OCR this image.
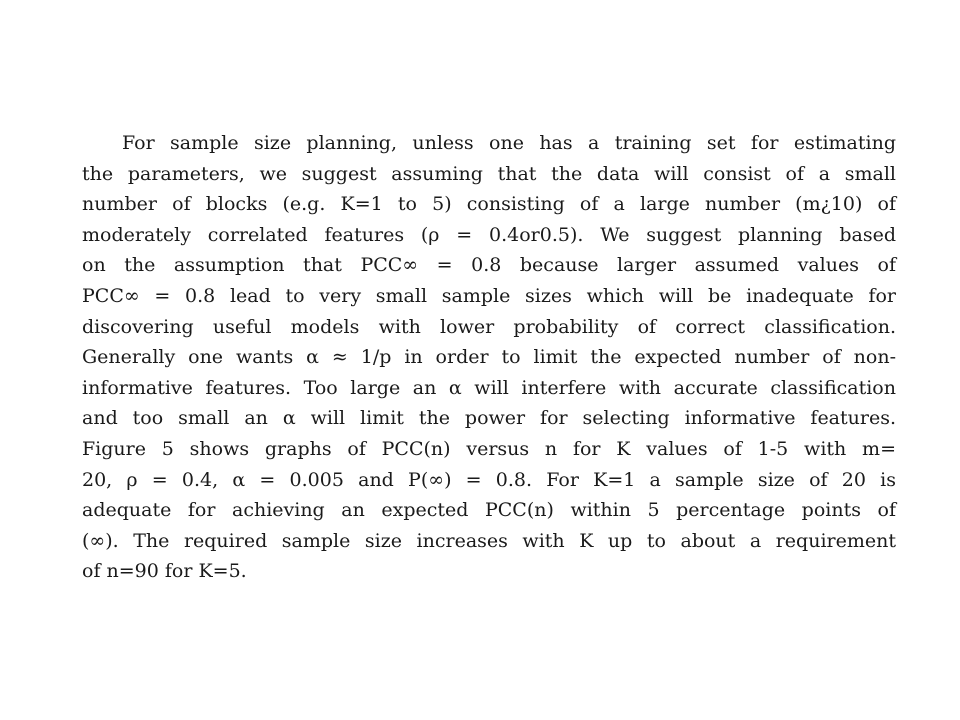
For sample size planning, unless one has a training set for estimating
the parameters, we suggest assuming that the data will consist of a small
number of blocks (e.g. K=1 to 5) consisting of a large number (m¿10) of
moderately correlated features (ρ = 0.4or0.5). We suggest planning based
on the assumption that PCC∞ = 0.8 because larger assumed values of
PCC∞ = 0.8 lead to very small sample sizes which will be inadequate for
discovering useful models with lower probability of correct classification.
Generally one wants α ≈ 1/p in order to limit the expected number of non-
informative features. Too large an α will interfere with accurate classification
and too small an α will limit the power for selecting informative features.
Figure 5 shows graphs of PCC(n) versus n for K values of 1-5 with m=
20, ρ = 0.4, α = 0.005 and P(∞) = 0.8. For K=1 a sample size of 20 is
adequate for achieving an expected PCC(n) within 5 percentage points of
(∞). The required sample size increases with K up to about a requirement
of n=90 for K=5.
